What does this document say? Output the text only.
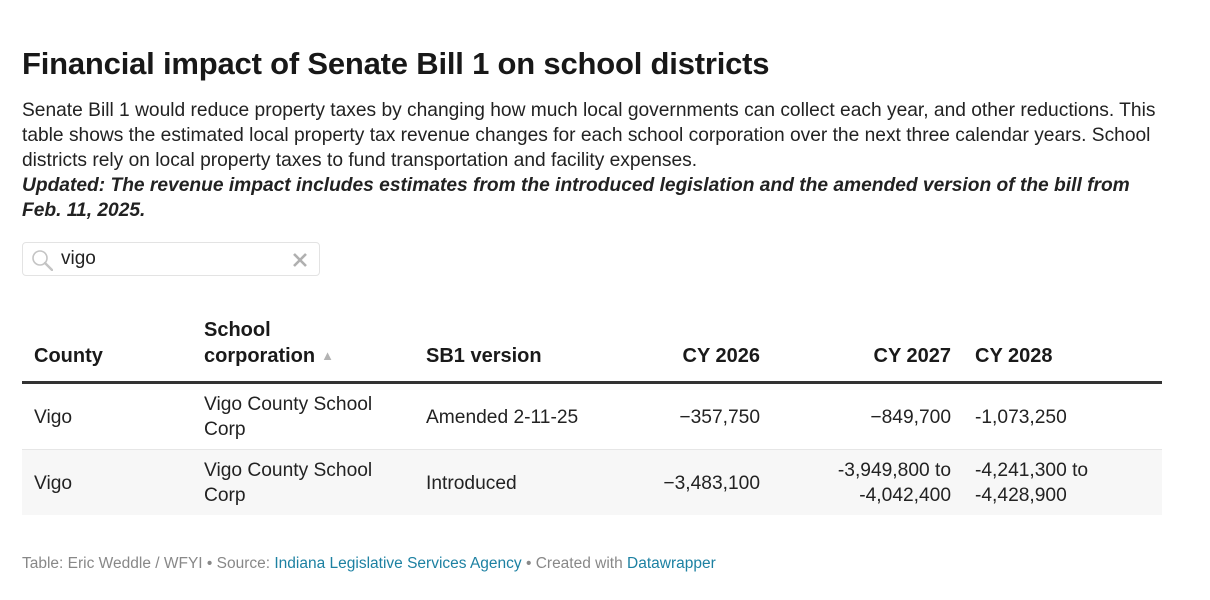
Financial impact of Senate Bill 1 on school districts

Senate Bill 1 would reduce property taxes by changing how much local governments can collect each year, and other reductions. This table shows the estimated local property tax revenue changes for each school corporation over the next three calendar years. School districts rely on local property taxes to fund transportation and facility expenses.

Updated: The revenue impact includes estimates from the introduced legislation and the amended version of the bill from Feb. 11, 2025.

vigo
County	School corporation ▲	SB1 version	CY 2026	CY 2027	CY 2028
Vigo	Vigo County School Corp	Amended 2-11-25	−357,750	−849,700	-1,073,250
Vigo	Vigo County School Corp	Introduced	−3,483,100	-3,949,800 to -4,042,400	-4,241,300 to -4,428,900
Table: Eric Weddle / WFYI • Source: Indiana Legislative Services Agency • Created with Datawrapper
